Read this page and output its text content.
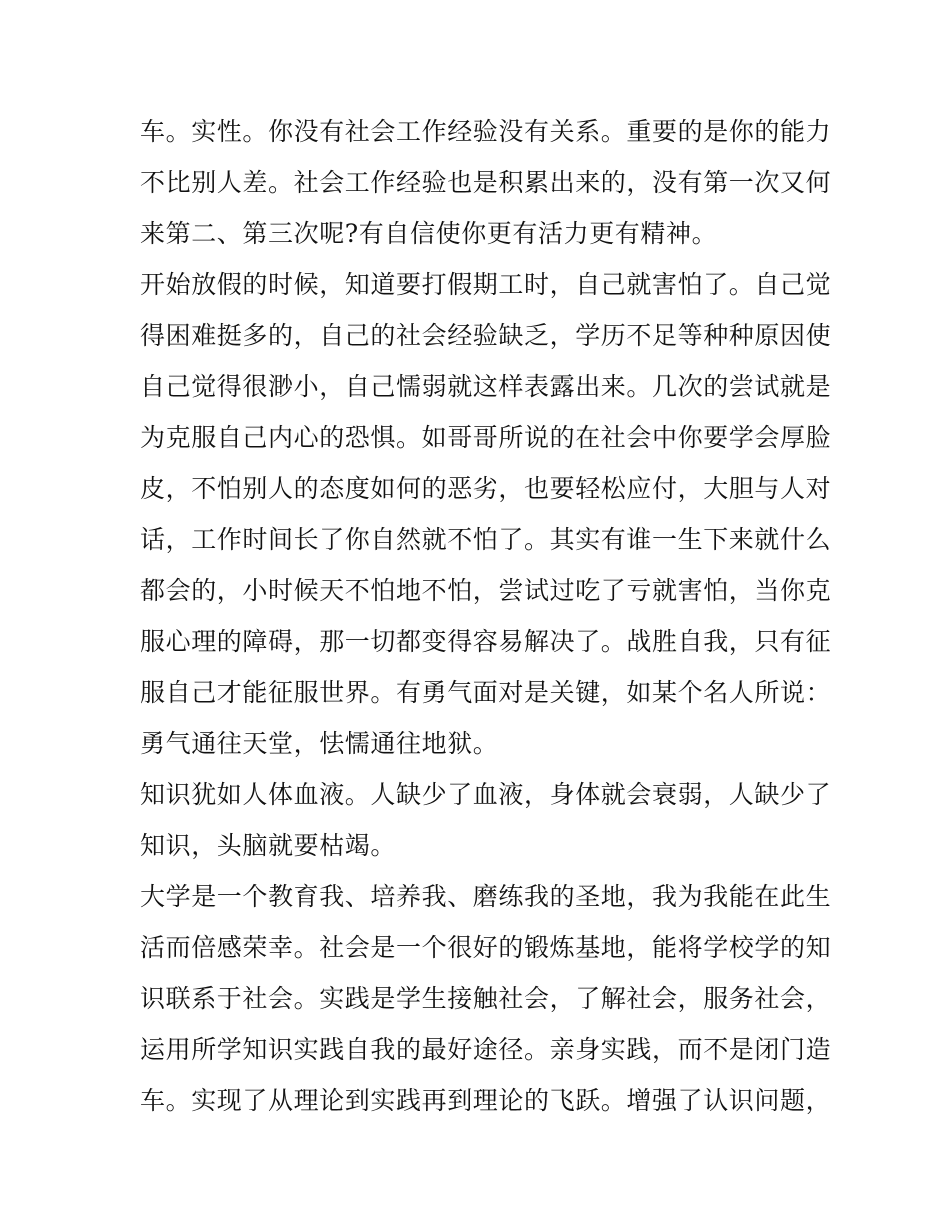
车。实性。你没有社会工作经验没有关系。重要的是你的能力
不比别人差。社会工作经验也是积累出来的，没有第一次又何
来第二、第三次呢?有自信使你更有活力更有精神。
开始放假的时候，知道要打假期工时，自己就害怕了。自己觉
得困难挺多的，自己的社会经验缺乏，学历不足等种种原因使
自己觉得很渺小，自己懦弱就这样表露出来。几次的尝试就是
为克服自己内心的恐惧。如哥哥所说的在社会中你要学会厚脸
皮，不怕别人的态度如何的恶劣，也要轻松应付，大胆与人对
话，工作时间长了你自然就不怕了。其实有谁一生下来就什么
都会的，小时候天不怕地不怕，尝试过吃了亏就害怕，当你克
服心理的障碍，那一切都变得容易解决了。战胜自我，只有征
服自己才能征服世界。有勇气面对是关键，如某个名人所说：
勇气通往天堂，怯懦通往地狱。
知识犹如人体血液。人缺少了血液，身体就会衰弱，人缺少了
知识，头脑就要枯竭。
大学是一个教育我、培养我、磨练我的圣地，我为我能在此生
活而倍感荣幸。社会是一个很好的锻炼基地，能将学校学的知
识联系于社会。实践是学生接触社会，了解社会，服务社会，
运用所学知识实践自我的最好途径。亲身实践，而不是闭门造
车。实现了从理论到实践再到理论的飞跃。增强了认识问题，
